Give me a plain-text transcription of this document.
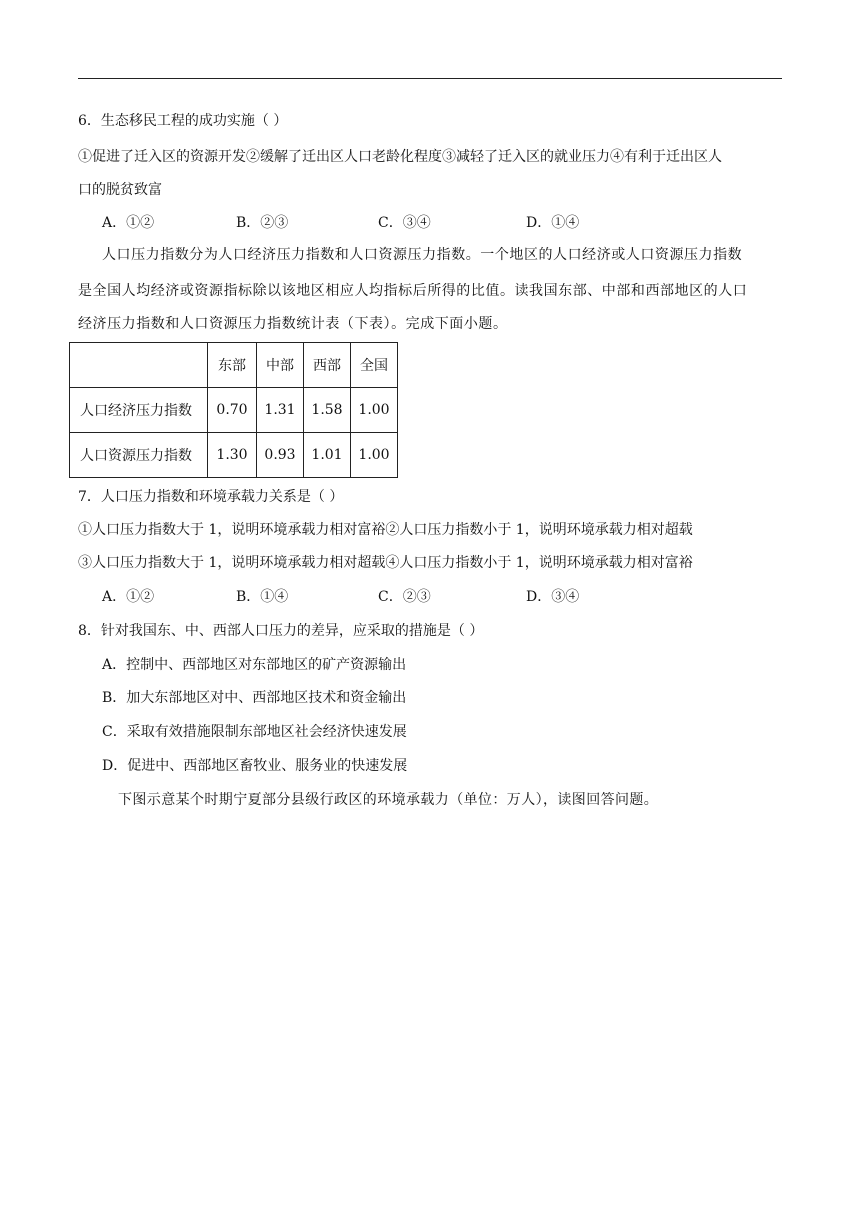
6．生态移民工程的成功实施（ ）
①促进了迁入区的资源开发②缓解了迁出区人口老龄化程度③减轻了迁入区的就业压力④有利于迁出区人
口的脱贫致富
A．①②	B．②③	C．③④	D．①④
人口压力指数分为人口经济压力指数和人口资源压力指数。一个地区的人口经济或人口资源压力指数
是全国人均经济或资源指标除以该地区相应人均指标后所得的比值。读我国东部、中部和西部地区的人口
经济压力指数和人口资源压力指数统计表（下表）。完成下面小题。
	东部	中部	西部	全国
人口经济压力指数	0.70	1.31	1.58	1.00
人口资源压力指数	1.30	0.93	1.01	1.00
7．人口压力指数和环境承载力关系是（ ）
①人口压力指数大于 1，说明环境承载力相对富裕②人口压力指数小于 1，说明环境承载力相对超载
③人口压力指数大于 1，说明环境承载力相对超载④人口压力指数小于 1，说明环境承载力相对富裕
A．①②	B．①④	C．②③	D．③④
8．针对我国东、中、西部人口压力的差异，应采取的措施是（ ）
A．控制中、西部地区对东部地区的矿产资源输出
B．加大东部地区对中、西部地区技术和资金输出
C．采取有效措施限制东部地区社会经济快速发展
D．促进中、西部地区畜牧业、服务业的快速发展
下图示意某个时期宁夏部分县级行政区的环境承载力（单位：万人），读图回答问题。
